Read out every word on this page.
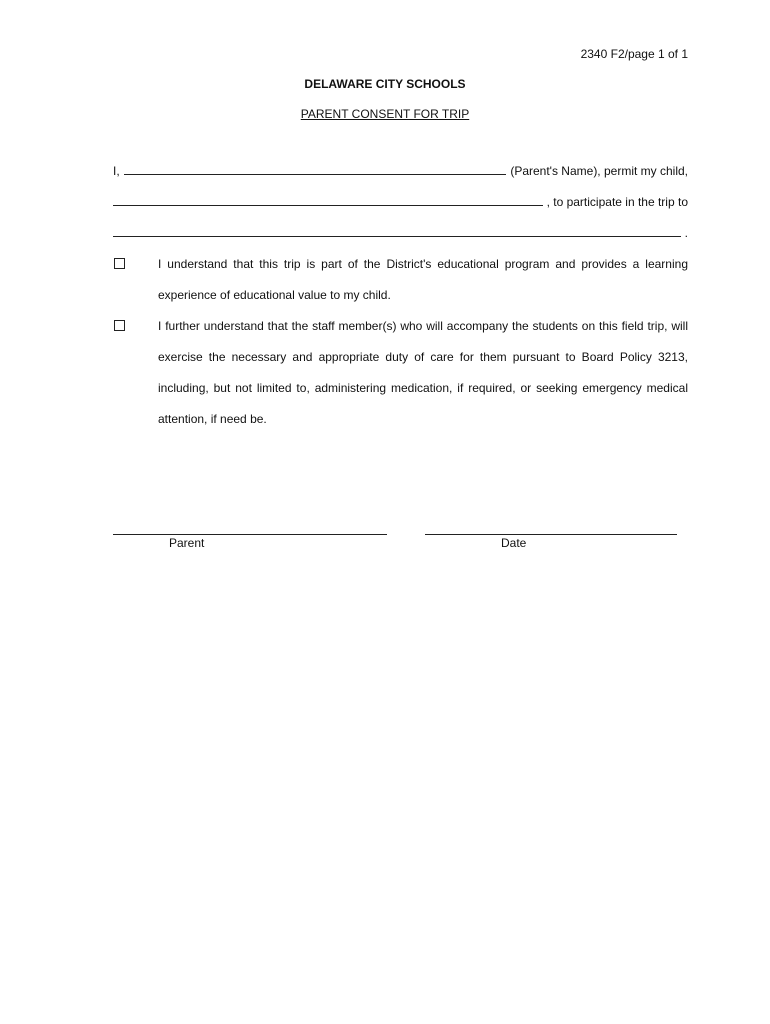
2340 F2/page 1 of 1
DELAWARE CITY SCHOOLS
PARENT CONSENT FOR TRIP
I,	(Parent's Name), permit my child,
, to participate in the trip to
.
I understand that this trip is part of the District's educational program and provides a learning experience of educational value to my child.
I further understand that the staff member(s) who will accompany the students on this field trip, will exercise the necessary and appropriate duty of care for them pursuant to Board Policy 3213, including, but not limited to, administering medication, if required, or seeking emergency medical attention, if need be.
Parent	Date
